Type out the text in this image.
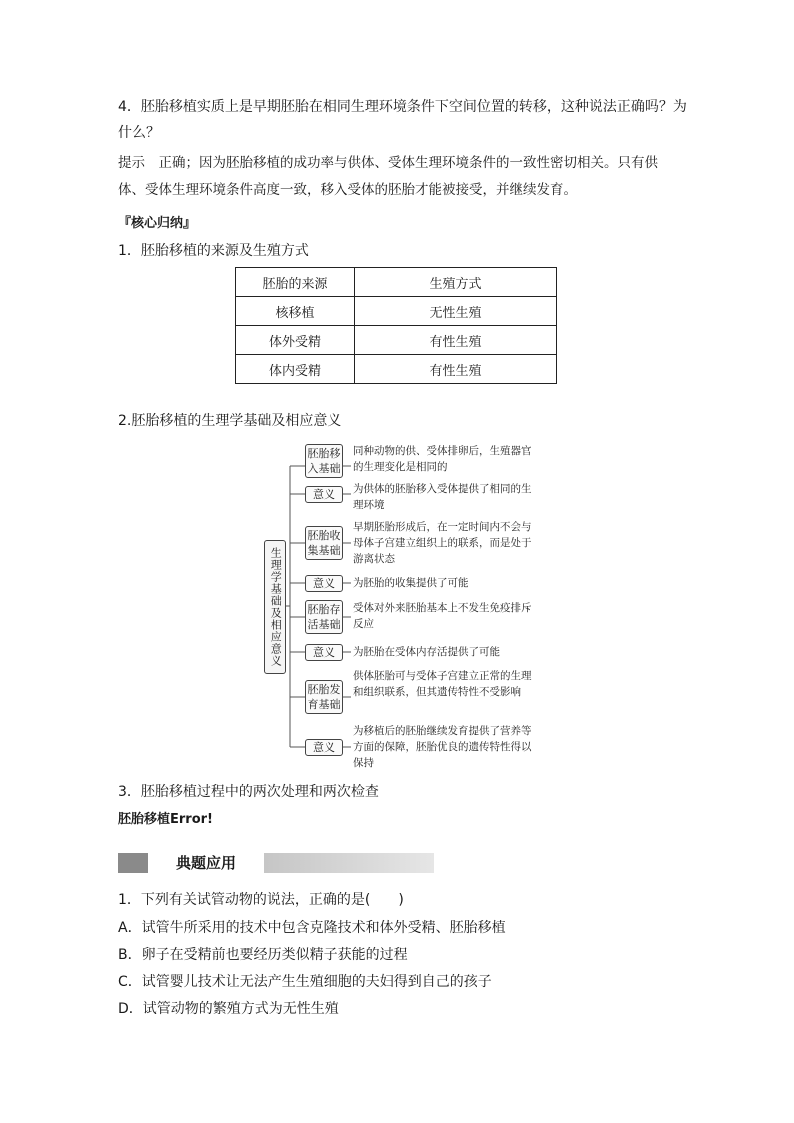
4．胚胎移植实质上是早期胚胎在相同生理环境条件下空间位置的转移，这种说法正确吗？为
什么？
提示　正确；因为胚胎移植的成功率与供体、受体生理环境条件的一致性密切相关。只有供
体、受体生理环境条件高度一致，移入受体的胚胎才能被接受，并继续发育。
『核心归纳』
1．胚胎移植的来源及生殖方式
胚胎的来源	生殖方式
核移植	无性生殖
体外受精	有性生殖
体内受精	有性生殖
2.胚胎移植的生理学基础及相应意义
生理学基础及相应意义
胚胎移
入基础
同种动物的供、受体排卵后，生殖器官的生理变化是相同的
意义	为供体的胚胎移入受体提供了相同的生理环境
胚胎收
集基础
早期胚胎形成后，在一定时间内不会与母体子宫建立组织上的联系，而是处于游离状态
意义	为胚胎的收集提供了可能
胚胎存
活基础
受体对外来胚胎基本上不发生免疫排斥反应
意义	为胚胎在受体内存活提供了可能
胚胎发
育基础
供体胚胎可与受体子宫建立正常的生理和组织联系，但其遗传特性不受影响
意义
为移植后的胚胎继续发育提供了营养等方面的保障，胚胎优良的遗传特性得以保持
3．胚胎移植过程中的两次处理和两次检查
胚胎移植Error!
典题应用
1．下列有关试管动物的说法，正确的是(　　)
A．试管牛所采用的技术中包含克隆技术和体外受精、胚胎移植
B．卵子在受精前也要经历类似精子获能的过程
C．试管婴儿技术让无法产生生殖细胞的夫妇得到自己的孩子
D．试管动物的繁殖方式为无性生殖
